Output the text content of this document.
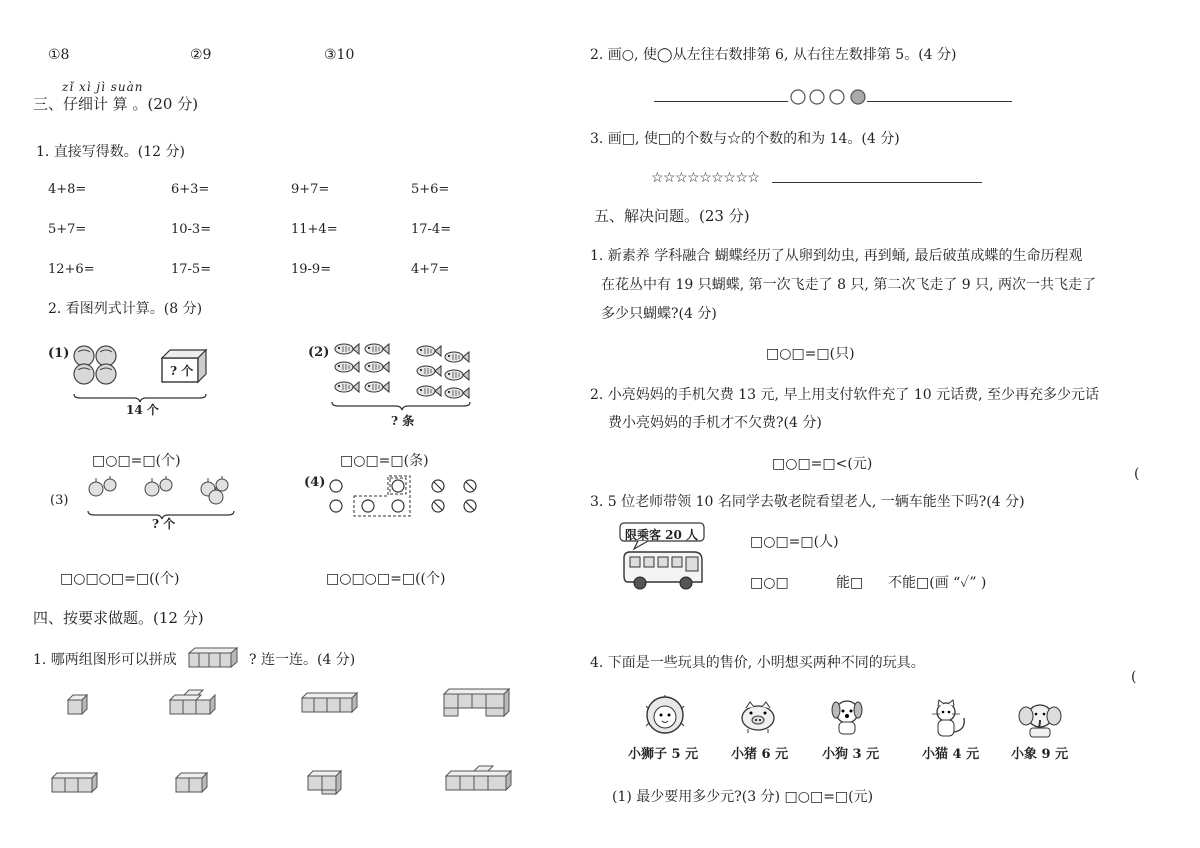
①8	②9	③10
zǐ xì jì suàn
三、仔细计 算 。(20 分)
1. 直接写得数。(12 分)
4+8=	6+3=	9+7=	5+6=
5+7=	10-3=	11+4=	17-4=
12+6=	17-5=	19-9=	4+7=
2. 看图列式计算。(8 分)
(1)
? 个
14 个
□○□=□(个)
(2)
? 条
□○□=□(条)
(3)
? 个
(4)
□○□○□=□((个)	□○□○□=□((个)
四、按要求做题。(12 分)
1. 哪两组图形可以拼成	? 连一连。(4 分)
2. 画○, 使◯从左往右数排第 6, 从右往左数排第 5。(4 分)
3. 画□, 使□的个数与☆的个数的和为 14。(4 分)
☆☆☆☆☆☆☆☆☆
五、解决问题。(23 分)
1. 新素养 学科融合 蝴蝶经历了从卵到幼虫, 再到蛹, 最后破茧成蝶的生命历程观
在花丛中有 19 只蝴蝶, 第一次飞走了 8 只, 第二次飞走了 9 只, 两次一共飞走了
多少只蝴蝶?(4 分)
□○□=□(只)
2. 小亮妈妈的手机欠费 13 元, 早上用支付软件充了 10 元话费, 至少再充多少元话
费小亮妈妈的手机才不欠费?(4 分)
□○□=□<(元)
(
3. 5 位老师带领 10 名同学去敬老院看望老人, 一辆车能坐下吗?(4 分)
限乘客 20 人	□○□=□(人)
□○□	能□ 不能□(画 “✓” )
4. 下面是一些玩具的售价, 小明想买两种不同的玩具。
(
小狮子 5 元	小猪 6 元	小狗 3 元	小猫 4 元 小象 9 元
(1) 最少要用多少元?(3 分) □○□=□(元)
